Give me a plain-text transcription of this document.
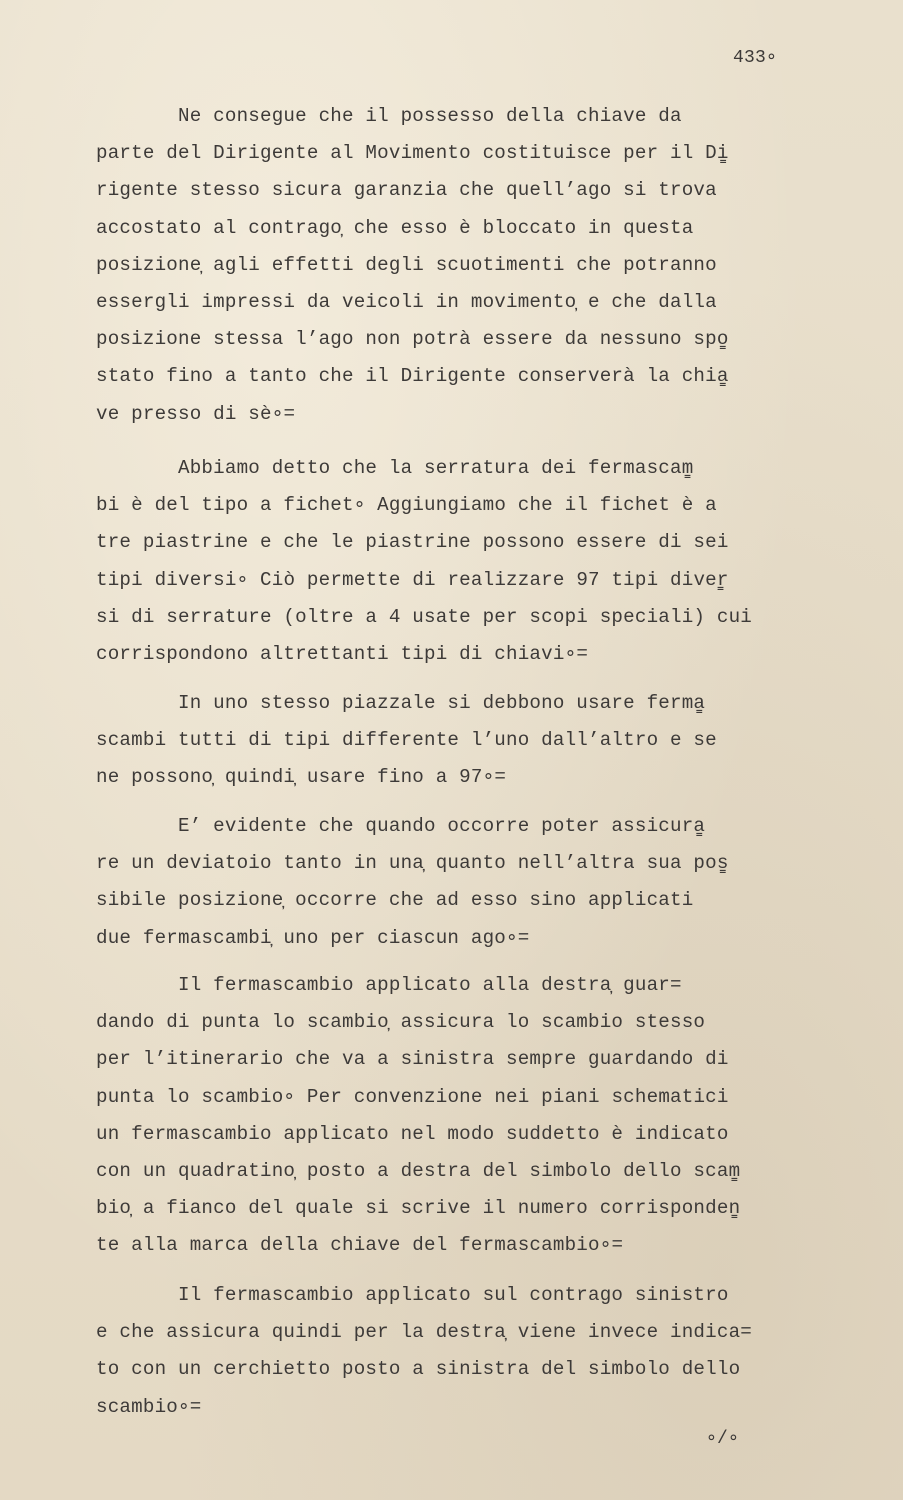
433∘
Ne consegue che il possesso della chiave da
parte del Dirigente al Movimento costituisce per il Di̳
rigente stesso sicura garanzia che quell’ago si trova
accostato al contrago̦ che esso è bloccato in questa
posizione̦ agli effetti degli scuotimenti che potranno
essergli impressi da veicoli in movimento̦ e che dalla
posizione stessa l’ago non potrà essere da nessuno spo̳
stato fino a tanto che il Dirigente conserverà la chia̳
ve presso di sè∘=
Abbiamo detto che la serratura dei fermascam̳
bi è del tipo a fichet∘ Aggiungiamo che il fichet è a
tre piastrine e che le piastrine possono essere di sei
tipi diversi∘ Ciò permette di realizzare 97 tipi diver̳
si di serrature (oltre a 4 usate per scopi speciali) cui
corrispondono altrettanti tipi di chiavi∘=
In uno stesso piazzale si debbono usare ferma̳
scambi tutti di tipi differente l’uno dall’altro e se
ne possono̦ quindi̦ usare fino a 97∘=
E’ evidente che quando occorre poter assicura̳
re un deviatoio tanto in una̦ quanto nell’altra sua pos̳
sibile posizione̦ occorre che ad esso sino applicati
due fermascambi̦ uno per ciascun ago∘=
Il fermascambio applicato alla destra̦ guar=
dando di punta lo scambio̦ assicura lo scambio stesso
per l’itinerario che va a sinistra sempre guardando di
punta lo scambio∘ Per convenzione nei piani schematici
un fermascambio applicato nel modo suddetto è indicato
con un quadratino̦ posto a destra del simbolo dello scam̳
bio̦ a fianco del quale si scrive il numero corrisponden̳
te alla marca della chiave del fermascambio∘=
Il fermascambio applicato sul contrago sinistro
e che assicura quindi per la destra̦ viene invece indica=
to con un cerchietto posto a sinistra del simbolo dello
scambio∘=
∘/∘
